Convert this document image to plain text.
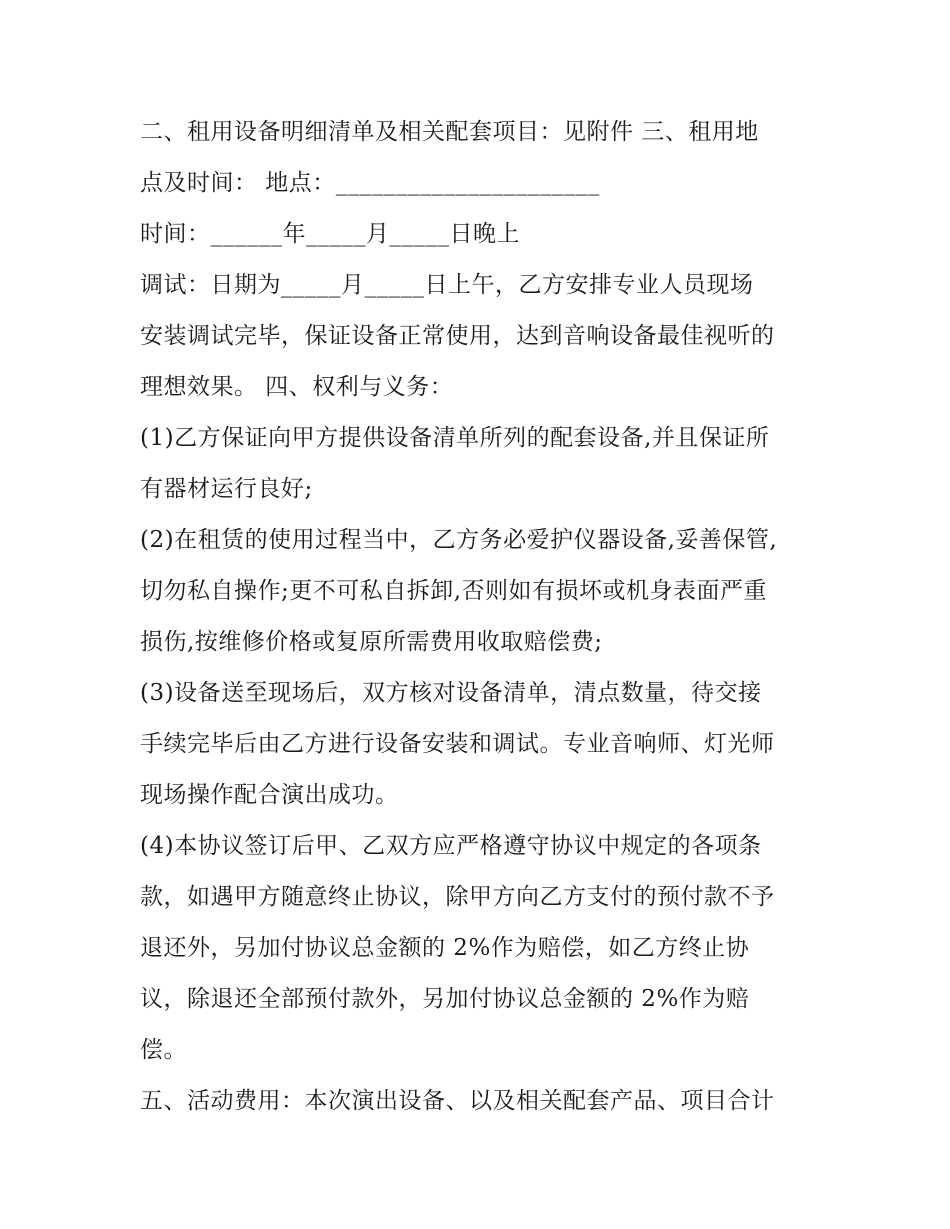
二、租用设备明细清单及相关配套项目：见附件 三、租用地
点及时间： 地点：______________________
时间：______年_____月_____日晚上
调试：日期为_____月_____日上午，乙方安排专业人员现场
安装调试完毕，保证设备正常使用，达到音响设备最佳视听的
理想效果。 四、权利与义务：
(1)乙方保证向甲方提供设备清单所列的配套设备,并且保证所
有器材运行良好;
(2)在租赁的使用过程当中，乙方务必爱护仪器设备,妥善保管,
切勿私自操作;更不可私自拆卸,否则如有损坏或机身表面严重
损伤,按维修价格或复原所需费用收取赔偿费;
(3)设备送至现场后，双方核对设备清单，清点数量，待交接
手续完毕后由乙方进行设备安装和调试。专业音响师、灯光师
现场操作配合演出成功。
(4)本协议签订后甲、乙双方应严格遵守协议中规定的各项条
款，如遇甲方随意终止协议，除甲方向乙方支付的预付款不予
退还外，另加付协议总金额的 2%作为赔偿，如乙方终止协
议，除退还全部预付款外，另加付协议总金额的 2%作为赔
偿。
五、活动费用：本次演出设备、以及相关配套产品、项目合计
